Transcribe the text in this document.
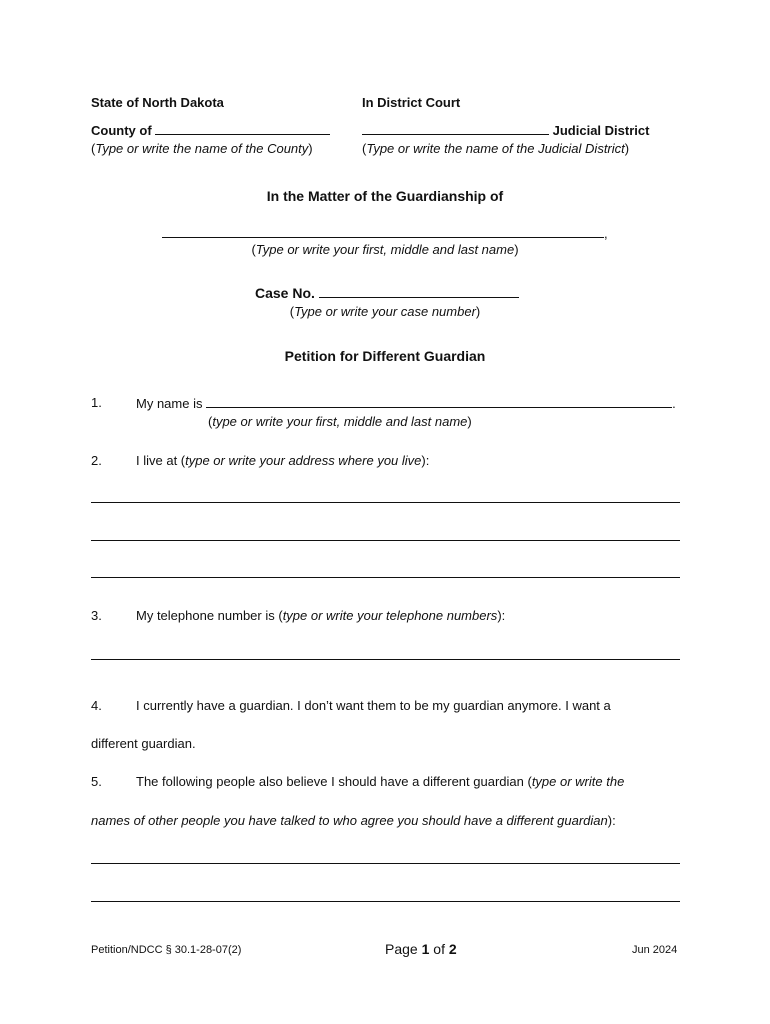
State of North Dakota	In District Court
County of
(Type or write the name of the County)
Judicial District
(Type or write the name of the Judicial District)
In the Matter of the Guardianship of
,
(Type or write your first, middle and last name)
Case No.
(Type or write your case number)
Petition for Different Guardian
1.	My name is	.
(type or write your first, middle and last name)
2.	I live at (type or write your address where you live):
3.	My telephone number is (type or write your telephone numbers):
4.	I currently have a guardian. I don’t want them to be my guardian anymore. I want a
different guardian.
5.	The following people also believe I should have a different guardian (type or write the
names of other people you have talked to who agree you should have a different guardian):
Petition/NDCC § 30.1-28-07(2)	Page 1 of 2	Jun 2024
